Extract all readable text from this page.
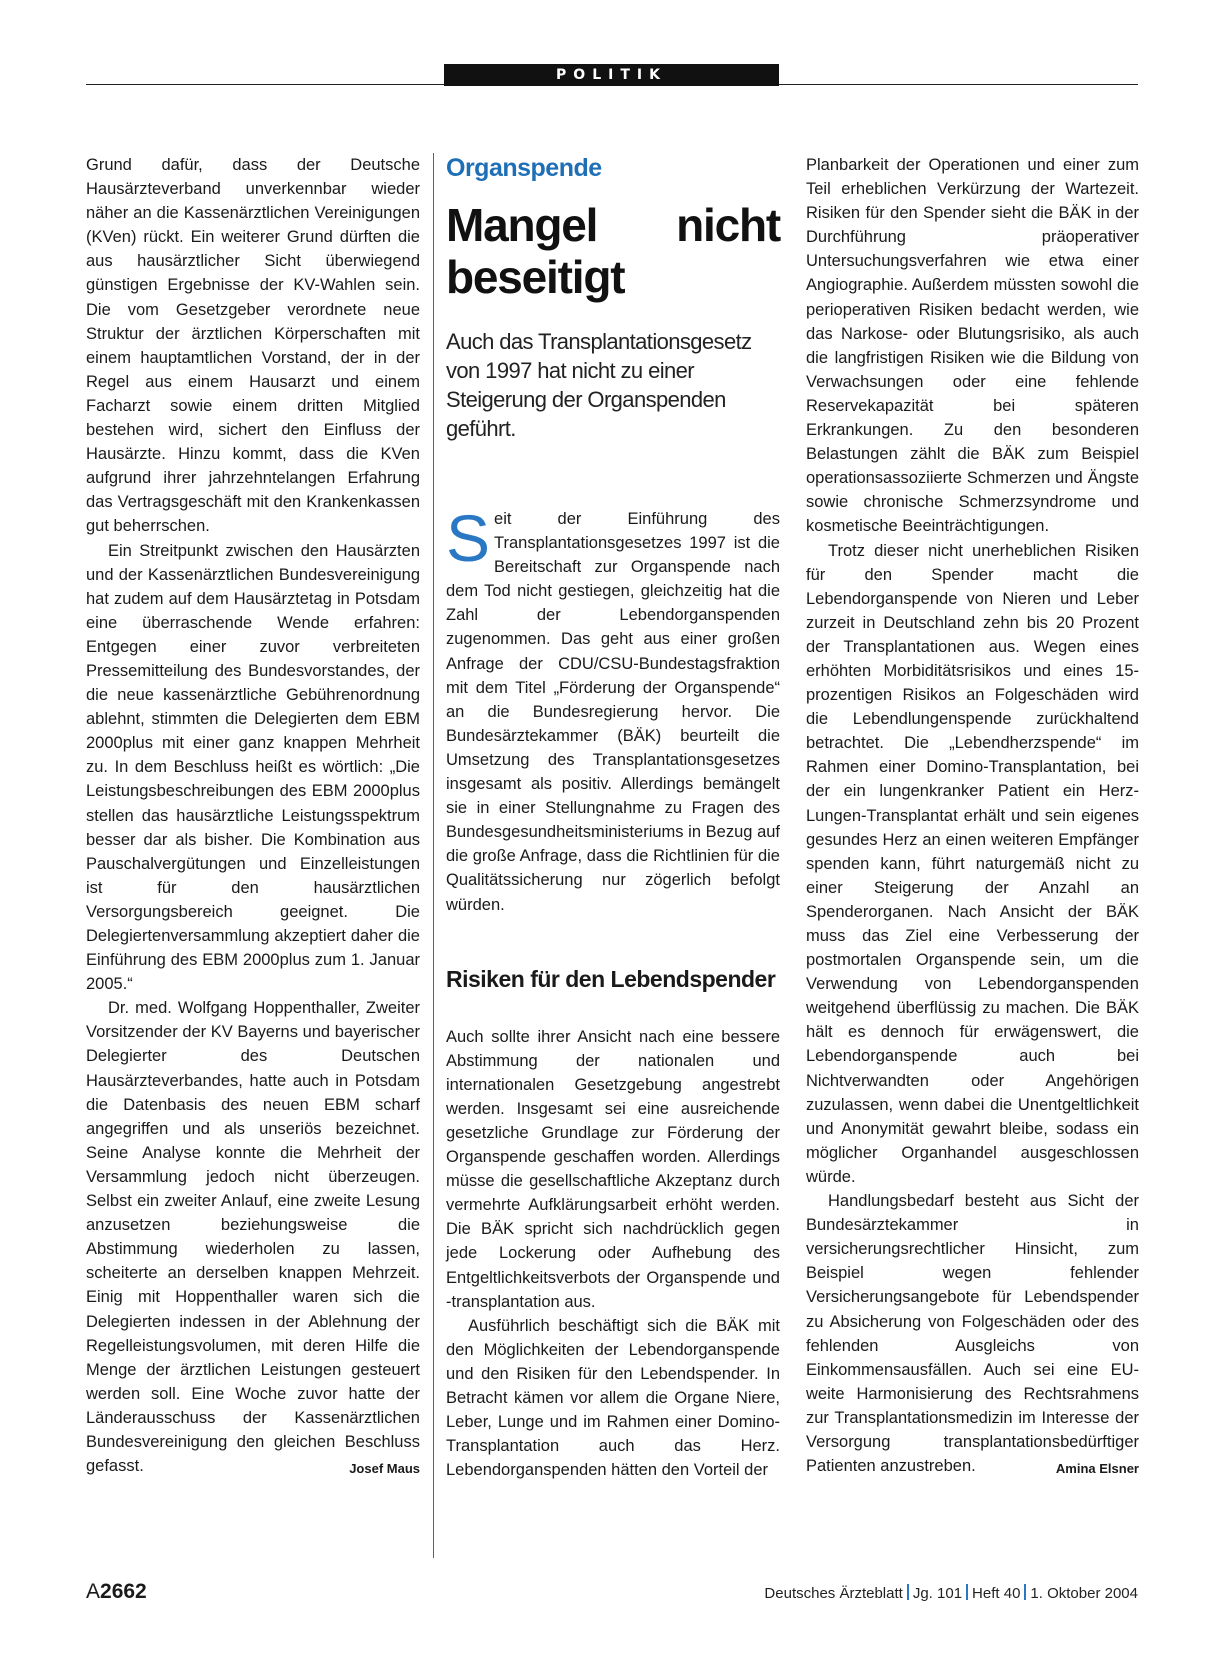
POLITIK

Grund dafür, dass der Deutsche Hausärzteverband unverkennbar wieder näher an die Kassenärztlichen Vereinigungen (KVen) rückt. Ein weiterer Grund dürften die aus hausärztlicher Sicht überwiegend günstigen Ergebnisse der KV-Wahlen sein. Die vom Gesetzgeber verordnete neue Struktur der ärztlichen Körperschaften mit einem hauptamtlichen Vorstand, der in der Regel aus einem Hausarzt und einem Facharzt sowie einem dritten Mitglied bestehen wird, sichert den Einfluss der Hausärzte. Hinzu kommt, dass die KVen aufgrund ihrer jahrzehntelangen Erfahrung das Vertragsgeschäft mit den Krankenkassen gut beherrschen.

Ein Streitpunkt zwischen den Hausärzten und der Kassenärztlichen Bundesvereinigung hat zudem auf dem Hausärztetag in Potsdam eine überraschende Wende erfahren: Entgegen einer zuvor verbreiteten Pressemitteilung des Bundesvorstandes, der die neue kassenärztliche Gebührenordnung ablehnt, stimmten die Delegierten dem EBM 2000plus mit einer ganz knappen Mehrheit zu. In dem Beschluss heißt es wörtlich: „Die Leistungsbeschreibungen des EBM 2000plus stellen das hausärztliche Leistungsspektrum besser dar als bisher. Die Kombination aus Pauschalvergütungen und Einzelleistungen ist für den hausärztlichen Versorgungsbereich geeignet. Die Delegiertenversammlung akzeptiert daher die Einführung des EBM 2000plus zum 1. Januar 2005.“

Dr. med. Wolfgang Hoppenthaller, Zweiter Vorsitzender der KV Bayerns und bayerischer Delegierter des Deutschen Hausärzteverbandes, hatte auch in Potsdam die Datenbasis des neuen EBM scharf angegriffen und als unseriös bezeichnet. Seine Analyse konnte die Mehrheit der Versammlung jedoch nicht überzeugen. Selbst ein zweiter Anlauf, eine zweite Lesung anzusetzen beziehungsweise die Abstimmung wiederholen zu lassen, scheiterte an derselben knappen Mehrzeit. Einig mit Hoppenthaller waren sich die Delegierten indessen in der Ablehnung der Regelleistungsvolumen, mit deren Hilfe die Menge der ärztlichen Leistungen gesteuert werden soll. Eine Woche zuvor hatte der Länderausschuss der Kassenärztlichen Bundesvereinigung den gleichen Beschluss gefasst.	Josef Maus

Organspende
Mangel nicht beseitigt
Auch das Transplantationsgesetz von 1997 hat nicht zu einer Steigerung der Organspenden geführt.

Seit der Einführung des Transplantationsgesetzes 1997 ist die Bereitschaft zur Organspende nach dem Tod nicht gestiegen, gleichzeitig hat die Zahl der Lebendorganspenden zugenommen. Das geht aus einer großen Anfrage der CDU/CSU-Bundestagsfraktion mit dem Titel „Förderung der Organspende“ an die Bundesregierung hervor. Die Bundesärztekammer (BÄK) beurteilt die Umsetzung des Transplantationsgesetzes insgesamt als positiv. Allerdings bemängelt sie in einer Stellungnahme zu Fragen des Bundesgesundheitsministeriums in Bezug auf die große Anfrage, dass die Richtlinien für die Qualitätssicherung nur zögerlich befolgt würden.

Risiken für den Lebendspender

Auch sollte ihrer Ansicht nach eine bessere Abstimmung der nationalen und internationalen Gesetzgebung angestrebt werden. Insgesamt sei eine ausreichende gesetzliche Grundlage zur Förderung der Organspende geschaffen worden. Allerdings müsse die gesellschaftliche Akzeptanz durch vermehrte Aufklärungsarbeit erhöht werden. Die BÄK spricht sich nachdrücklich gegen jede Lockerung oder Aufhebung des Entgeltlichkeitsverbots der Organspende und -transplantation aus.

Ausführlich beschäftigt sich die BÄK mit den Möglichkeiten der Lebendorganspende und den Risiken für den Lebendspender. In Betracht kämen vor allem die Organe Niere, Leber, Lunge und im Rahmen einer Domino-Transplantation auch das Herz. Lebendorganspenden hätten den Vorteil der

Planbarkeit der Operationen und einer zum Teil erheblichen Verkürzung der Wartezeit. Risiken für den Spender sieht die BÄK in der Durchführung präoperativer Untersuchungsverfahren wie etwa einer Angiographie. Außerdem müssten sowohl die perioperativen Risiken bedacht werden, wie das Narkose- oder Blutungsrisiko, als auch die langfristigen Risiken wie die Bildung von Verwachsungen oder eine fehlende Reservekapazität bei späteren Erkrankungen. Zu den besonderen Belastungen zählt die BÄK zum Beispiel operationsassoziierte Schmerzen und Ängste sowie chronische Schmerzsyndrome und kosmetische Beeinträchtigungen.

Trotz dieser nicht unerheblichen Risiken für den Spender macht die Lebendorganspende von Nieren und Leber zurzeit in Deutschland zehn bis 20 Prozent der Transplantationen aus. Wegen eines erhöhten Morbiditätsrisikos und eines 15-prozentigen Risikos an Folgeschäden wird die Lebendlungenspende zurückhaltend betrachtet. Die „Lebendherzspende“ im Rahmen einer Domino-Transplantation, bei der ein lungenkranker Patient ein Herz-Lungen-Transplantat erhält und sein eigenes gesundes Herz an einen weiteren Empfänger spenden kann, führt naturgemäß nicht zu einer Steigerung der Anzahl an Spenderorganen. Nach Ansicht der BÄK muss das Ziel eine Verbesserung der postmortalen Organspende sein, um die Verwendung von Lebendorganspenden weitgehend überflüssig zu machen. Die BÄK hält es dennoch für erwägenswert, die Lebendorganspende auch bei Nichtverwandten oder Angehörigen zuzulassen, wenn dabei die Unentgeltlichkeit und Anonymität gewahrt bleibe, sodass ein möglicher Organhandel ausgeschlossen würde.

Handlungsbedarf besteht aus Sicht der Bundesärztekammer in versicherungsrechtlicher Hinsicht, zum Beispiel wegen fehlender Versicherungsangebote für Lebendspender zu Absicherung von Folgeschäden oder des fehlenden Ausgleichs von Einkommensausfällen. Auch sei eine EU-weite Harmonisierung des Rechtsrahmens zur Transplantationsmedizin im Interesse der Versorgung transplantationsbedürftiger Patienten anzustreben.	Amina Elsner

A2662	Deutsches Ärzteblatt Jg. 101 Heft 40 1. Oktober 2004
